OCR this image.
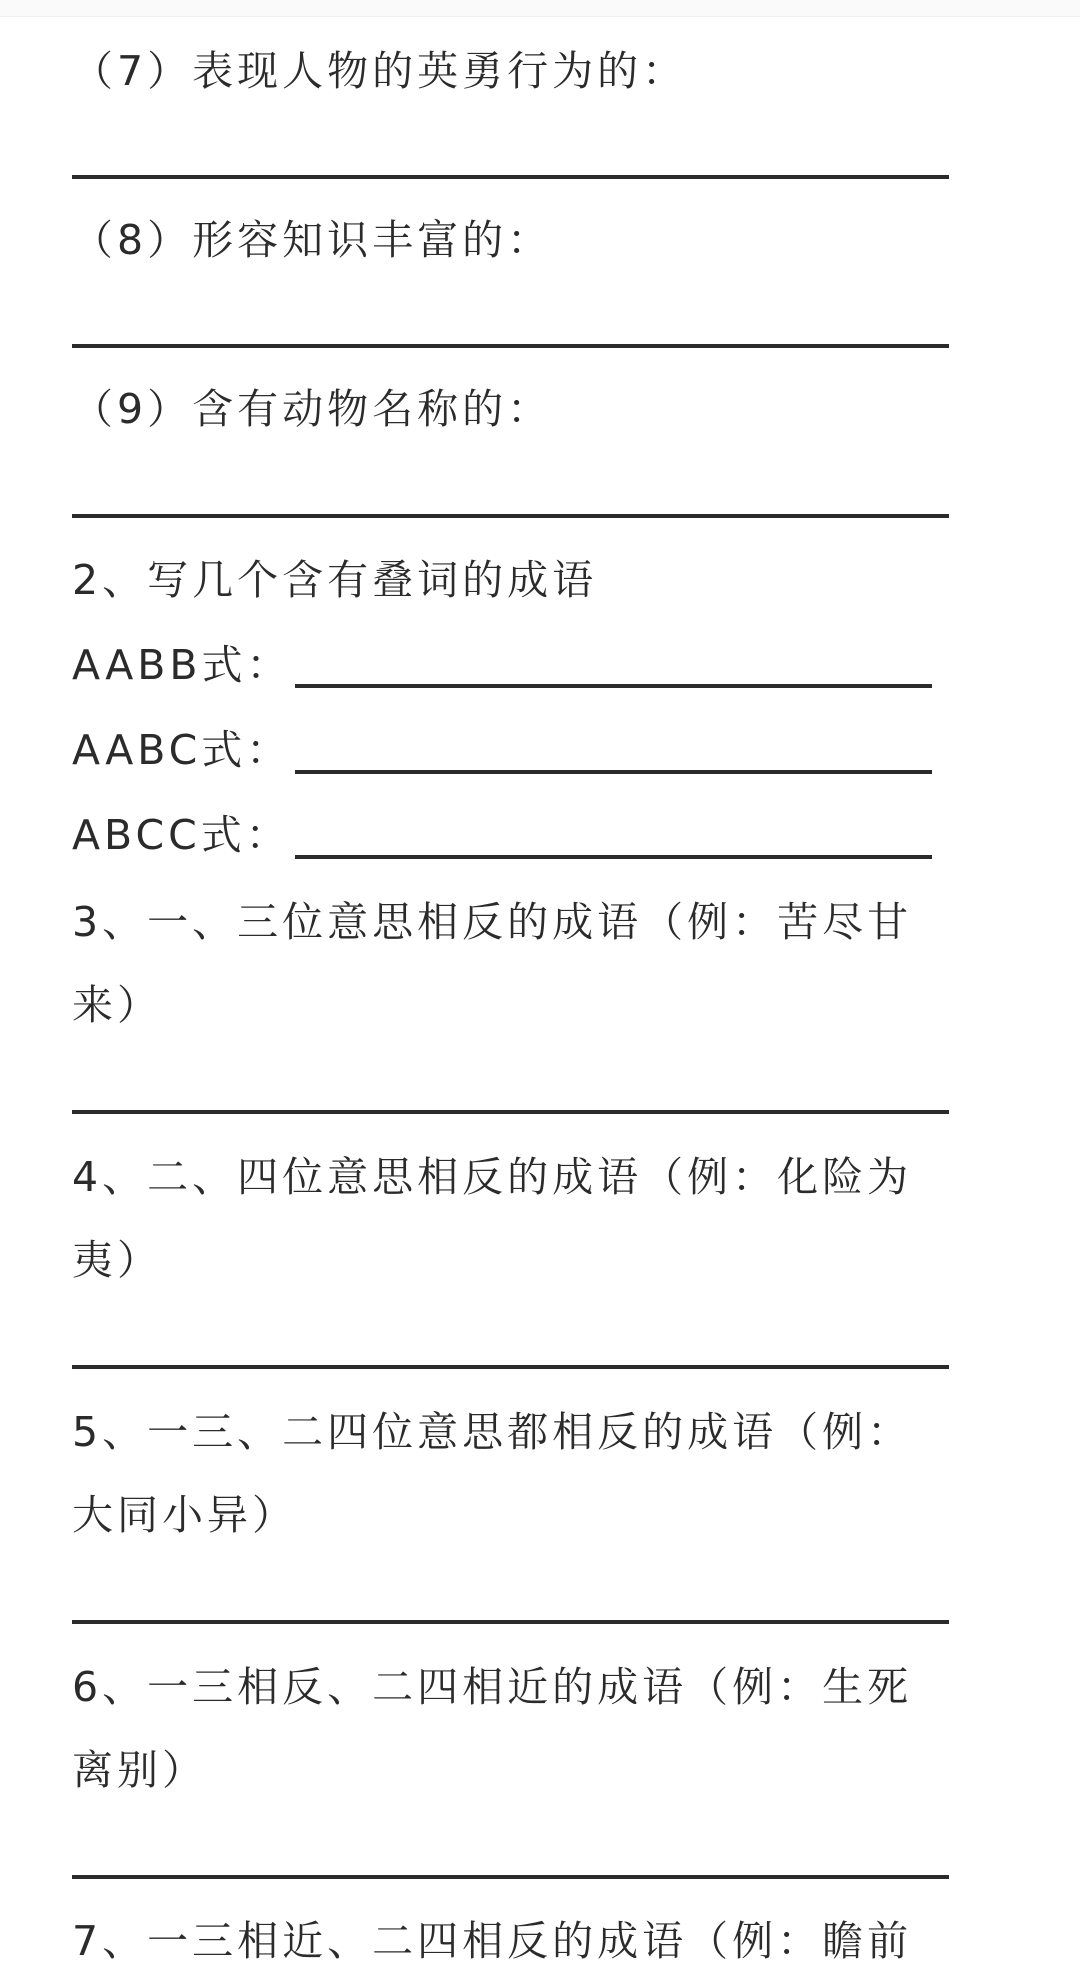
（7）表现人物的英勇行为的：
（8）形容知识丰富的：
（9）含有动物名称的：
2、写几个含有叠词的成语
AABB式：
AABC式：
ABCC式：
3、一、三位意思相反的成语（例：苦尽甘
来）
4、二、四位意思相反的成语（例：化险为
夷）
5、一三、二四位意思都相反的成语（例：
大同小异）
6、一三相反、二四相近的成语（例：生死
离别）
7、一三相近、二四相反的成语（例：瞻前
